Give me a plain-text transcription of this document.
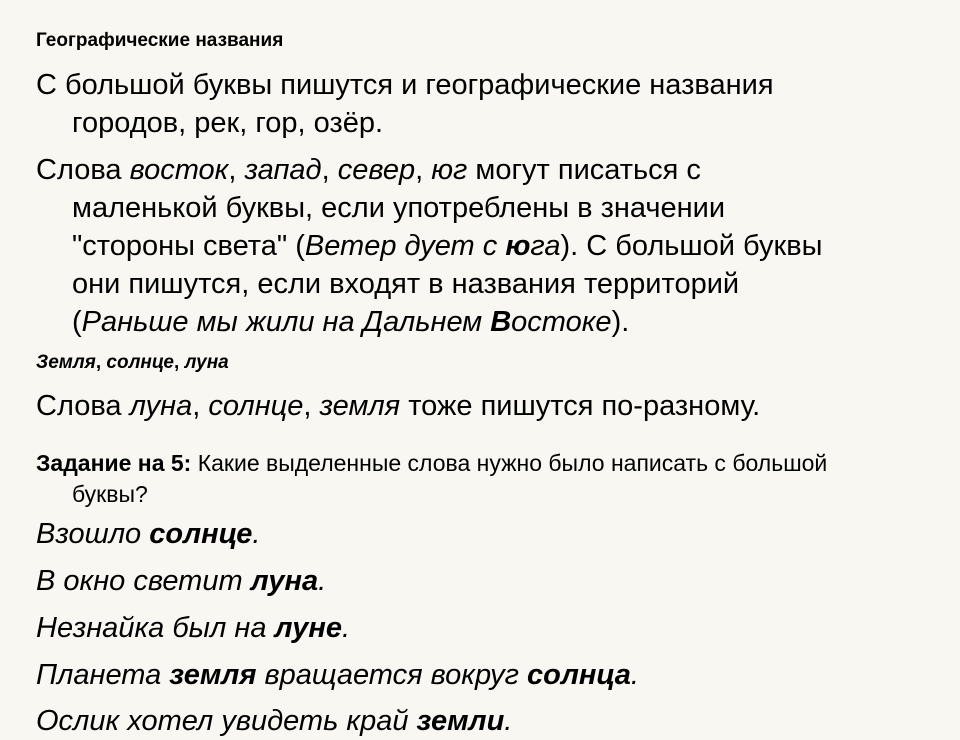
Географические названия
С большой буквы пишутся и географические названия
городов, рек, гор, озёр.
Слова восток, запад, север, юг могут писаться с
маленькой буквы, если употреблены в значении
"стороны света" (Ветер дует с юга). С большой буквы
они пишутся, если входят в названия территорий
(Раньше мы жили на Дальнем Востоке).
Земля, солнце, луна
Слова луна, солнце, земля тоже пишутся по-разному.
Задание на 5: Какие выделенные слова нужно было написать с большой
буквы?
Взошло солнце.
В окно светит луна.
Незнайка был на луне.
Планета земля вращается вокруг солнца.
Ослик хотел увидеть край земли.
